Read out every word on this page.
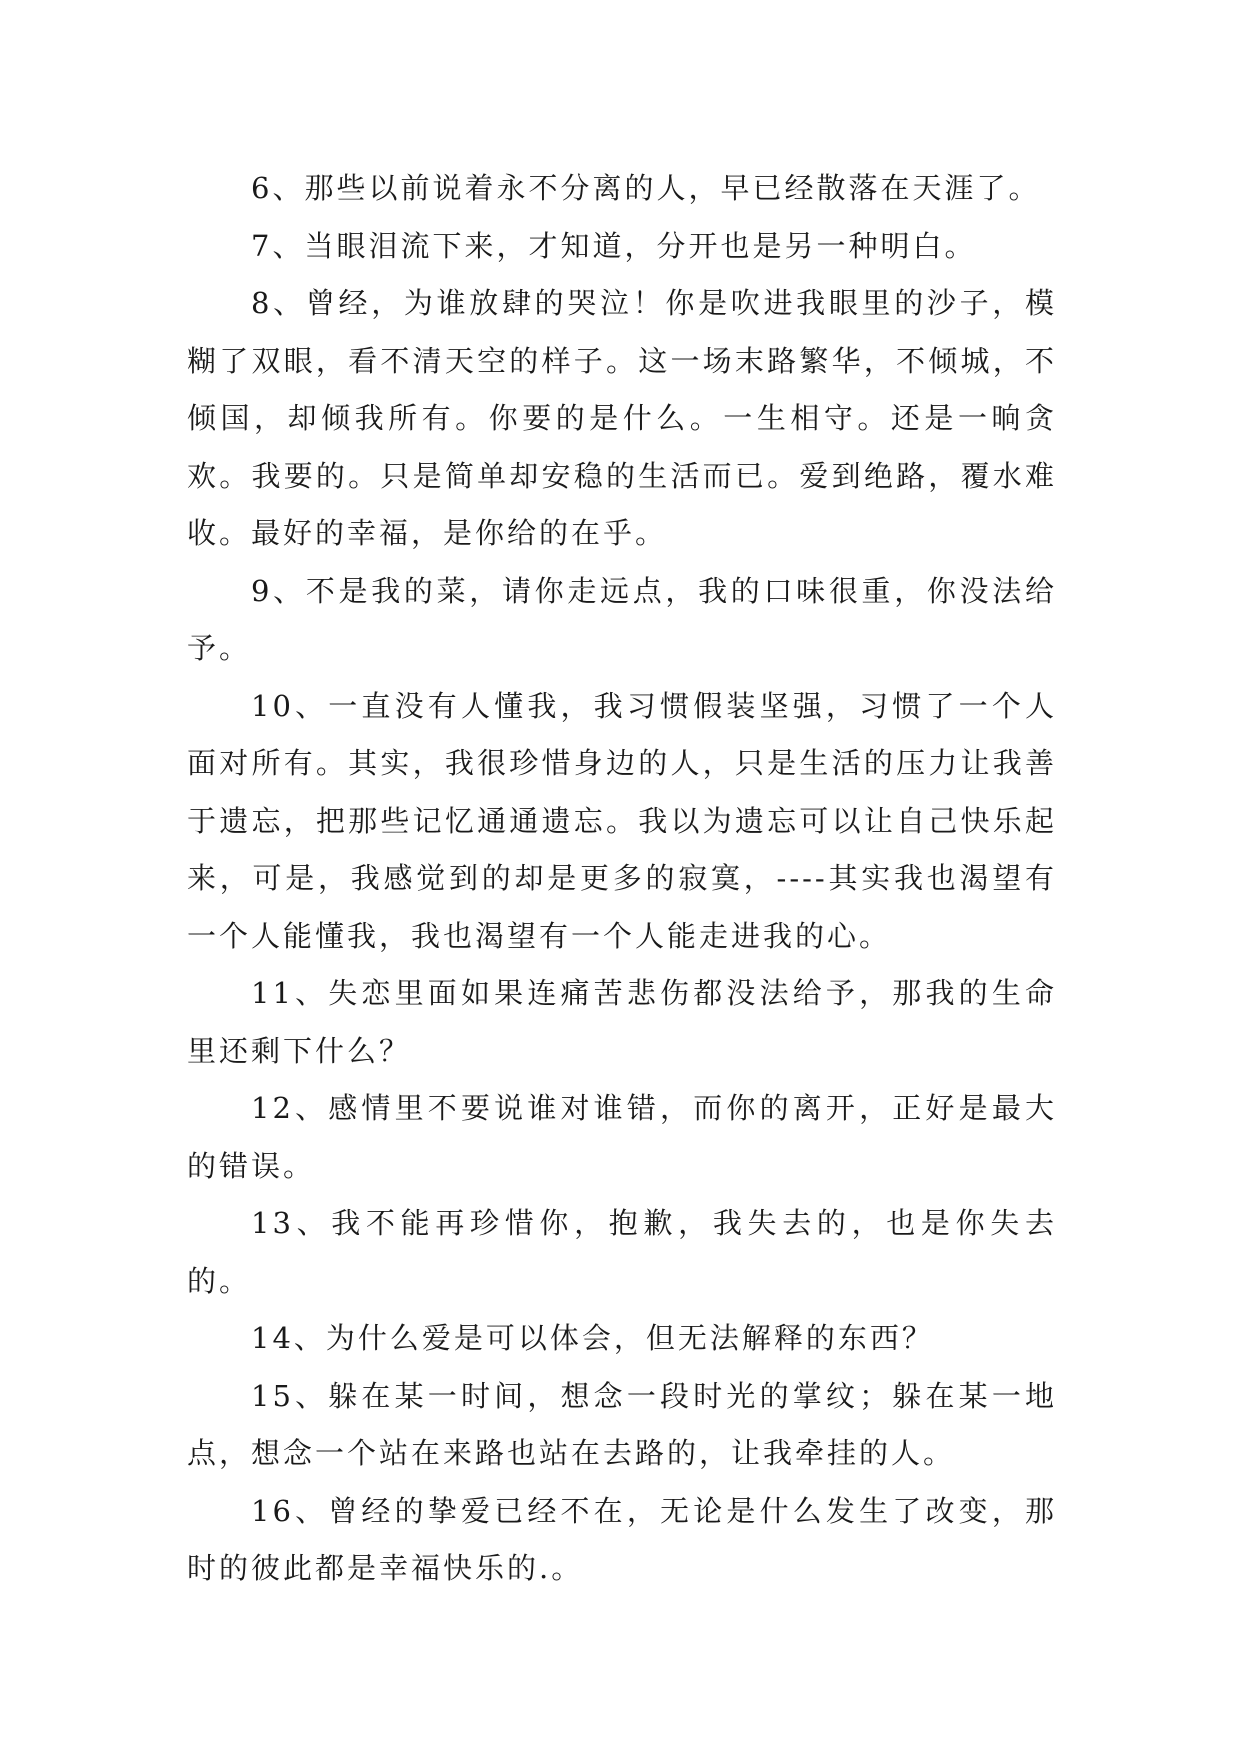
6、那些以前说着永不分离的人，早已经散落在天涯了。

7、当眼泪流下来，才知道，分开也是另一种明白。

8、曾经，为谁放肆的哭泣！你是吹进我眼里的沙子，模糊了双眼，看不清天空的样子。这一场末路繁华，不倾城，不倾国，却倾我所有。你要的是什么。一生相守。还是一晌贪欢。我要的。只是简单却安稳的生活而已。爱到绝路，覆水难收。最好的幸福，是你给的在乎。

9、不是我的菜，请你走远点，我的口味很重，你没法给予。

10、一直没有人懂我，我习惯假装坚强，习惯了一个人面对所有。其实，我很珍惜身边的人，只是生活的压力让我善于遗忘，把那些记忆通通遗忘。我以为遗忘可以让自己快乐起来，可是，我感觉到的却是更多的寂寞，----其实我也渴望有一个人能懂我，我也渴望有一个人能走进我的心。

11、失恋里面如果连痛苦悲伤都没法给予，那我的生命里还剩下什么？

12、感情里不要说谁对谁错，而你的离开，正好是最大的错误。

13、我不能再珍惜你，抱歉，我失去的，也是你失去的。

14、为什么爱是可以体会，但无法解释的东西？

15、躲在某一时间，想念一段时光的掌纹；躲在某一地点，想念一个站在来路也站在去路的，让我牵挂的人。

16、曾经的挚爱已经不在，无论是什么发生了改变，那时的彼此都是幸福快乐的.。
